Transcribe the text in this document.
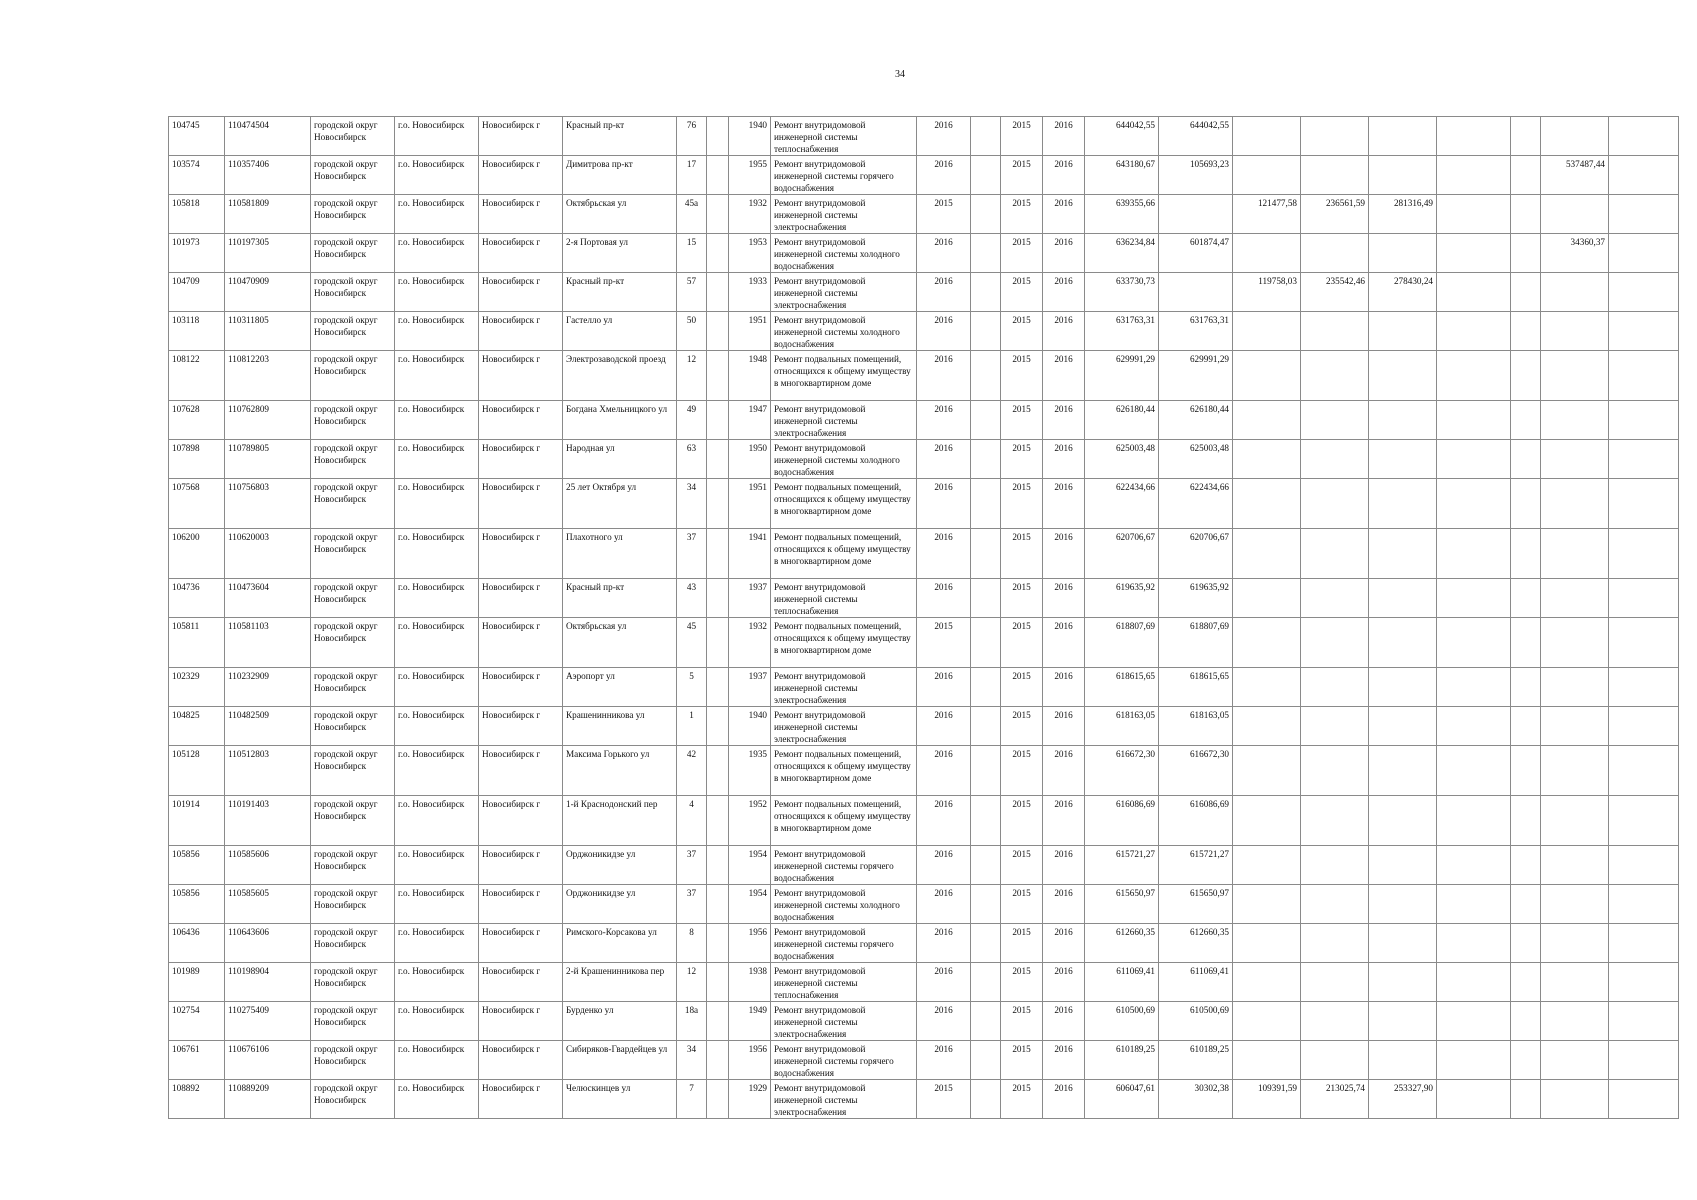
34
104745	110474504	городской округ Новосибирск	г.о. Новосибирск	Новосибирск г	Красный пр-кт	76		1940	Ремонт внутридомовой инженерной системы теплоснабжения	2016		2015	2016	644042,55	644042,55							
103574	110357406	городской округ Новосибирск	г.о. Новосибирск	Новосибирск г	Димитрова пр-кт	17		1955	Ремонт внутридомовой инженерной системы горячего водоснабжения	2016		2015	2016	643180,67	105693,23						537487,44	
105818	110581809	городской округ Новосибирск	г.о. Новосибирск	Новосибирск г	Октябрьская ул	45а		1932	Ремонт внутридомовой инженерной системы электроснабжения	2015		2015	2016	639355,66		121477,58	236561,59	281316,49				
101973	110197305	городской округ Новосибирск	г.о. Новосибирск	Новосибирск г	2-я Портовая ул	15		1953	Ремонт внутридомовой инженерной системы холодного водоснабжения	2016		2015	2016	636234,84	601874,47						34360,37	
104709	110470909	городской округ Новосибирск	г.о. Новосибирск	Новосибирск г	Красный пр-кт	57		1933	Ремонт внутридомовой инженерной системы электроснабжения	2016		2015	2016	633730,73		119758,03	235542,46	278430,24				
103118	110311805	городской округ Новосибирск	г.о. Новосибирск	Новосибирск г	Гастелло ул	50		1951	Ремонт внутридомовой инженерной системы холодного водоснабжения	2016		2015	2016	631763,31	631763,31							
108122	110812203	городской округ Новосибирск	г.о. Новосибирск	Новосибирск г	Электрозаводской проезд	12		1948	Ремонт подвальных помещений, относящихся к общему имуществу в многоквартирном доме	2016		2015	2016	629991,29	629991,29							
107628	110762809	городской округ Новосибирск	г.о. Новосибирск	Новосибирск г	Богдана Хмельницкого ул	49		1947	Ремонт внутридомовой инженерной системы электроснабжения	2016		2015	2016	626180,44	626180,44							
107898	110789805	городской округ Новосибирск	г.о. Новосибирск	Новосибирск г	Народная ул	63		1950	Ремонт внутридомовой инженерной системы холодного водоснабжения	2016		2015	2016	625003,48	625003,48							
107568	110756803	городской округ Новосибирск	г.о. Новосибирск	Новосибирск г	25 лет Октября ул	34		1951	Ремонт подвальных помещений, относящихся к общему имуществу в многоквартирном доме	2016		2015	2016	622434,66	622434,66							
106200	110620003	городской округ Новосибирск	г.о. Новосибирск	Новосибирск г	Плахотного ул	37		1941	Ремонт подвальных помещений, относящихся к общему имуществу в многоквартирном доме	2016		2015	2016	620706,67	620706,67							
104736	110473604	городской округ Новосибирск	г.о. Новосибирск	Новосибирск г	Красный пр-кт	43		1937	Ремонт внутридомовой инженерной системы теплоснабжения	2016		2015	2016	619635,92	619635,92							
105811	110581103	городской округ Новосибирск	г.о. Новосибирск	Новосибирск г	Октябрьская ул	45		1932	Ремонт подвальных помещений, относящихся к общему имуществу в многоквартирном доме	2015		2015	2016	618807,69	618807,69							
102329	110232909	городской округ Новосибирск	г.о. Новосибирск	Новосибирск г	Аэропорт ул	5		1937	Ремонт внутридомовой инженерной системы электроснабжения	2016		2015	2016	618615,65	618615,65							
104825	110482509	городской округ Новосибирск	г.о. Новосибирск	Новосибирск г	Крашенинникова ул	1		1940	Ремонт внутридомовой инженерной системы электроснабжения	2016		2015	2016	618163,05	618163,05							
105128	110512803	городской округ Новосибирск	г.о. Новосибирск	Новосибирск г	Максима Горького ул	42		1935	Ремонт подвальных помещений, относящихся к общему имуществу в многоквартирном доме	2016		2015	2016	616672,30	616672,30							
101914	110191403	городской округ Новосибирск	г.о. Новосибирск	Новосибирск г	1-й Краснодонский пер	4		1952	Ремонт подвальных помещений, относящихся к общему имуществу в многоквартирном доме	2016		2015	2016	616086,69	616086,69							
105856	110585606	городской округ Новосибирск	г.о. Новосибирск	Новосибирск г	Орджоникидзе ул	37		1954	Ремонт внутридомовой инженерной системы горячего водоснабжения	2016		2015	2016	615721,27	615721,27							
105856	110585605	городской округ Новосибирск	г.о. Новосибирск	Новосибирск г	Орджоникидзе ул	37		1954	Ремонт внутридомовой инженерной системы холодного водоснабжения	2016		2015	2016	615650,97	615650,97							
106436	110643606	городской округ Новосибирск	г.о. Новосибирск	Новосибирск г	Римского-Корсакова ул	8		1956	Ремонт внутридомовой инженерной системы горячего водоснабжения	2016		2015	2016	612660,35	612660,35							
101989	110198904	городской округ Новосибирск	г.о. Новосибирск	Новосибирск г	2-й Крашенинникова пер	12		1938	Ремонт внутридомовой инженерной системы теплоснабжения	2016		2015	2016	611069,41	611069,41							
102754	110275409	городской округ Новосибирск	г.о. Новосибирск	Новосибирск г	Бурденко ул	18а		1949	Ремонт внутридомовой инженерной системы электроснабжения	2016		2015	2016	610500,69	610500,69							
106761	110676106	городской округ Новосибирск	г.о. Новосибирск	Новосибирск г	Сибиряков-Гвардейцев ул	34		1956	Ремонт внутридомовой инженерной системы горячего водоснабжения	2016		2015	2016	610189,25	610189,25							
108892	110889209	городской округ Новосибирск	г.о. Новосибирск	Новосибирск г	Челюскинцев ул	7		1929	Ремонт внутридомовой инженерной системы электроснабжения	2015		2015	2016	606047,61	30302,38	109391,59	213025,74	253327,90				
